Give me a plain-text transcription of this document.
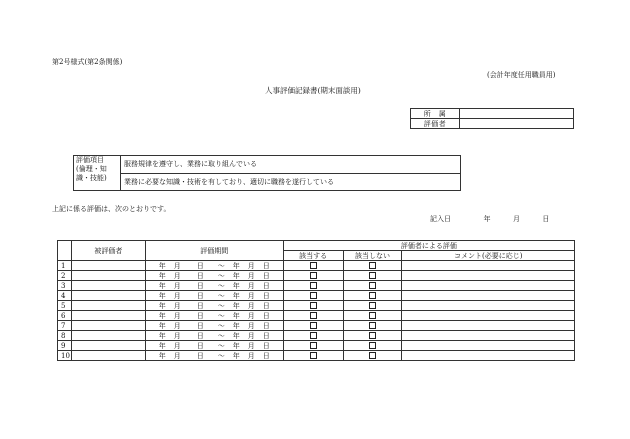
第2号様式(第2条関係)
(会計年度任用職員用)
人事評価記録書(期末面談用)
所　属	
評価者	
評価項目
(倫理・知
識・技能)
	服務規律を遵守し、業務に取り組んでいる
業務に必要な知識・技術を有しており、適切に職務を遂行している
上記に係る評価は、次のとおりです。
記入日	年	月	日
	被評価者	評価期間	評価者による評価		
			該当する	該当しない	コメント(必要に応じ)
1		年 月 日 ～ 年 月 日			
2		年 月 日 ～ 年 月 日			
3		年 月 日 ～ 年 月 日			
4		年 月 日 ～ 年 月 日			
5		年 月 日 ～ 年 月 日			
6		年 月 日 ～ 年 月 日			
7		年 月 日 ～ 年 月 日			
8		年 月 日 ～ 年 月 日			
9		年 月 日 ～ 年 月 日			
10		年 月 日 ～ 年 月 日			
